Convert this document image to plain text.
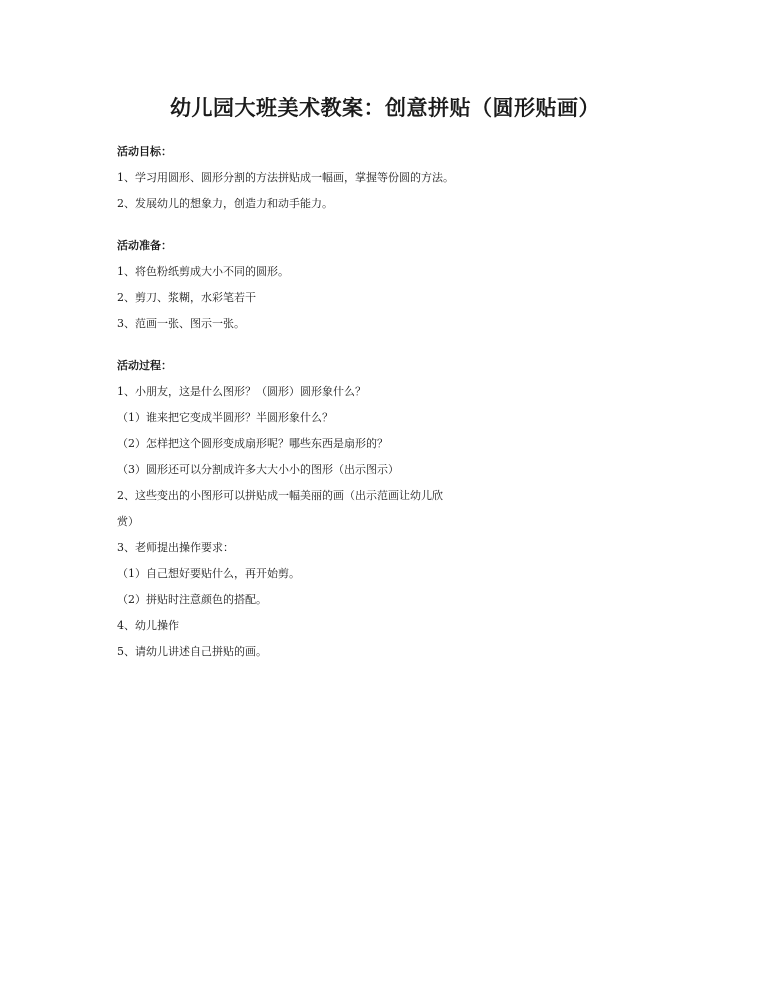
幼儿园大班美术教案：创意拼贴（圆形贴画）

活动目标：

1、学习用圆形、圆形分割的方法拼贴成一幅画，掌握等份圆的方法。

2、发展幼儿的想象力，创造力和动手能力。

活动准备：

1、将色粉纸剪成大小不同的圆形。

2、剪刀、浆糊，水彩笔若干

3、范画一张、图示一张。

活动过程：

1、小朋友，这是什么图形？（圆形）圆形象什么？

（1）谁来把它变成半圆形？半圆形象什么？

（2）怎样把这个圆形变成扇形呢？哪些东西是扇形的？

（3）圆形还可以分割成许多大大小小的图形（出示图示）

2、这些变出的小图形可以拼贴成一幅美丽的画（出示范画让幼儿欣

赏）

3、老师提出操作要求：

（1）自己想好要贴什么，再开始剪。

（2）拼贴时注意颜色的搭配。

4、幼儿操作

5、请幼儿讲述自己拼贴的画。
